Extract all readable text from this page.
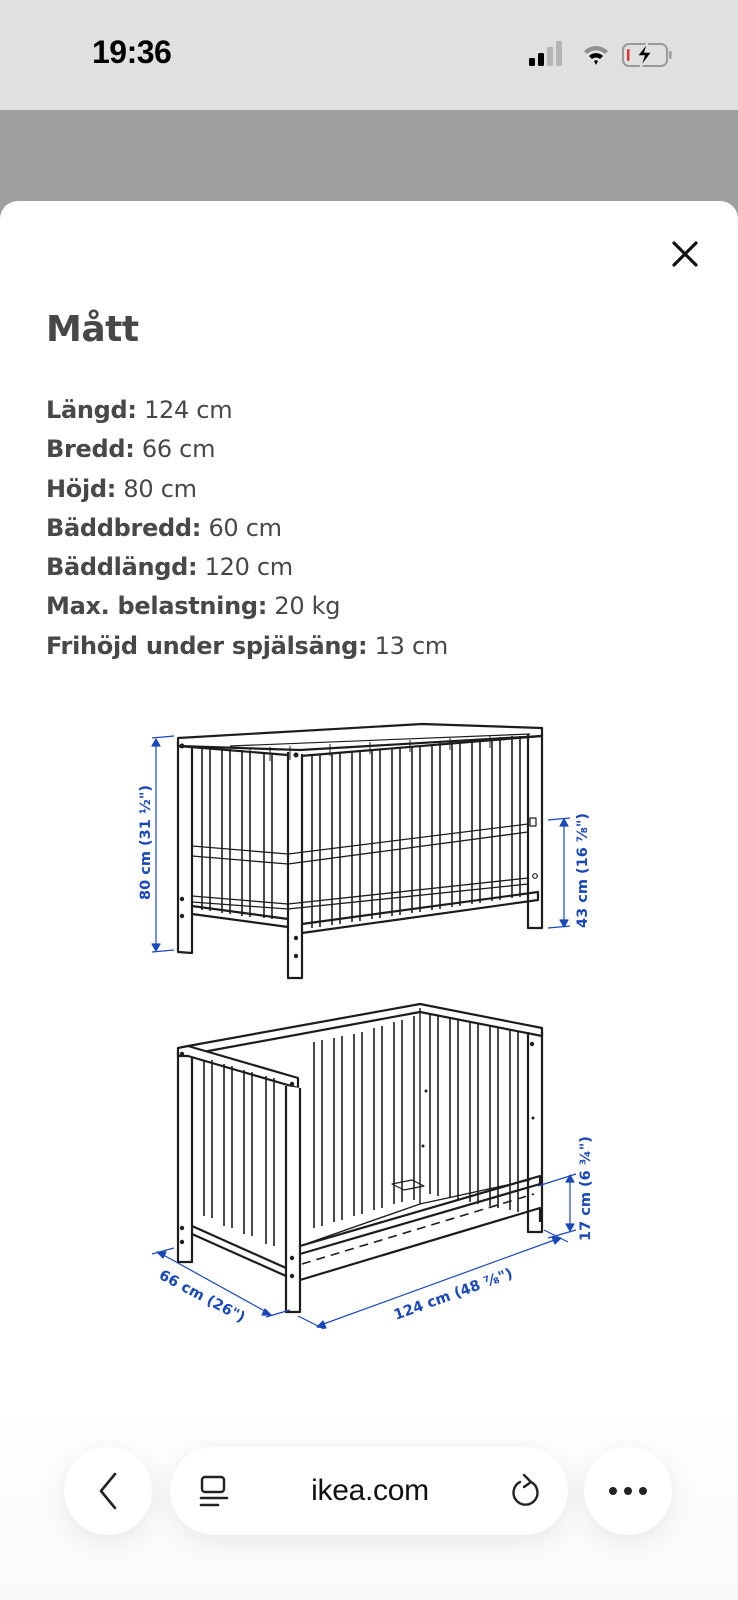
19:36
Mått
Längd: 124 cm
Bredd: 66 cm
Höjd: 80 cm
Bäddbredd: 60 cm
Bäddlängd: 120 cm
Max. belastning: 20 kg
Frihöjd under spjälsäng: 13 cm
80 cm (31 ½")	43 cm (16 ⅞")
17 cm (6 ¾")
66 cm (26")	124 cm (48 ⅞")
ikea.com
